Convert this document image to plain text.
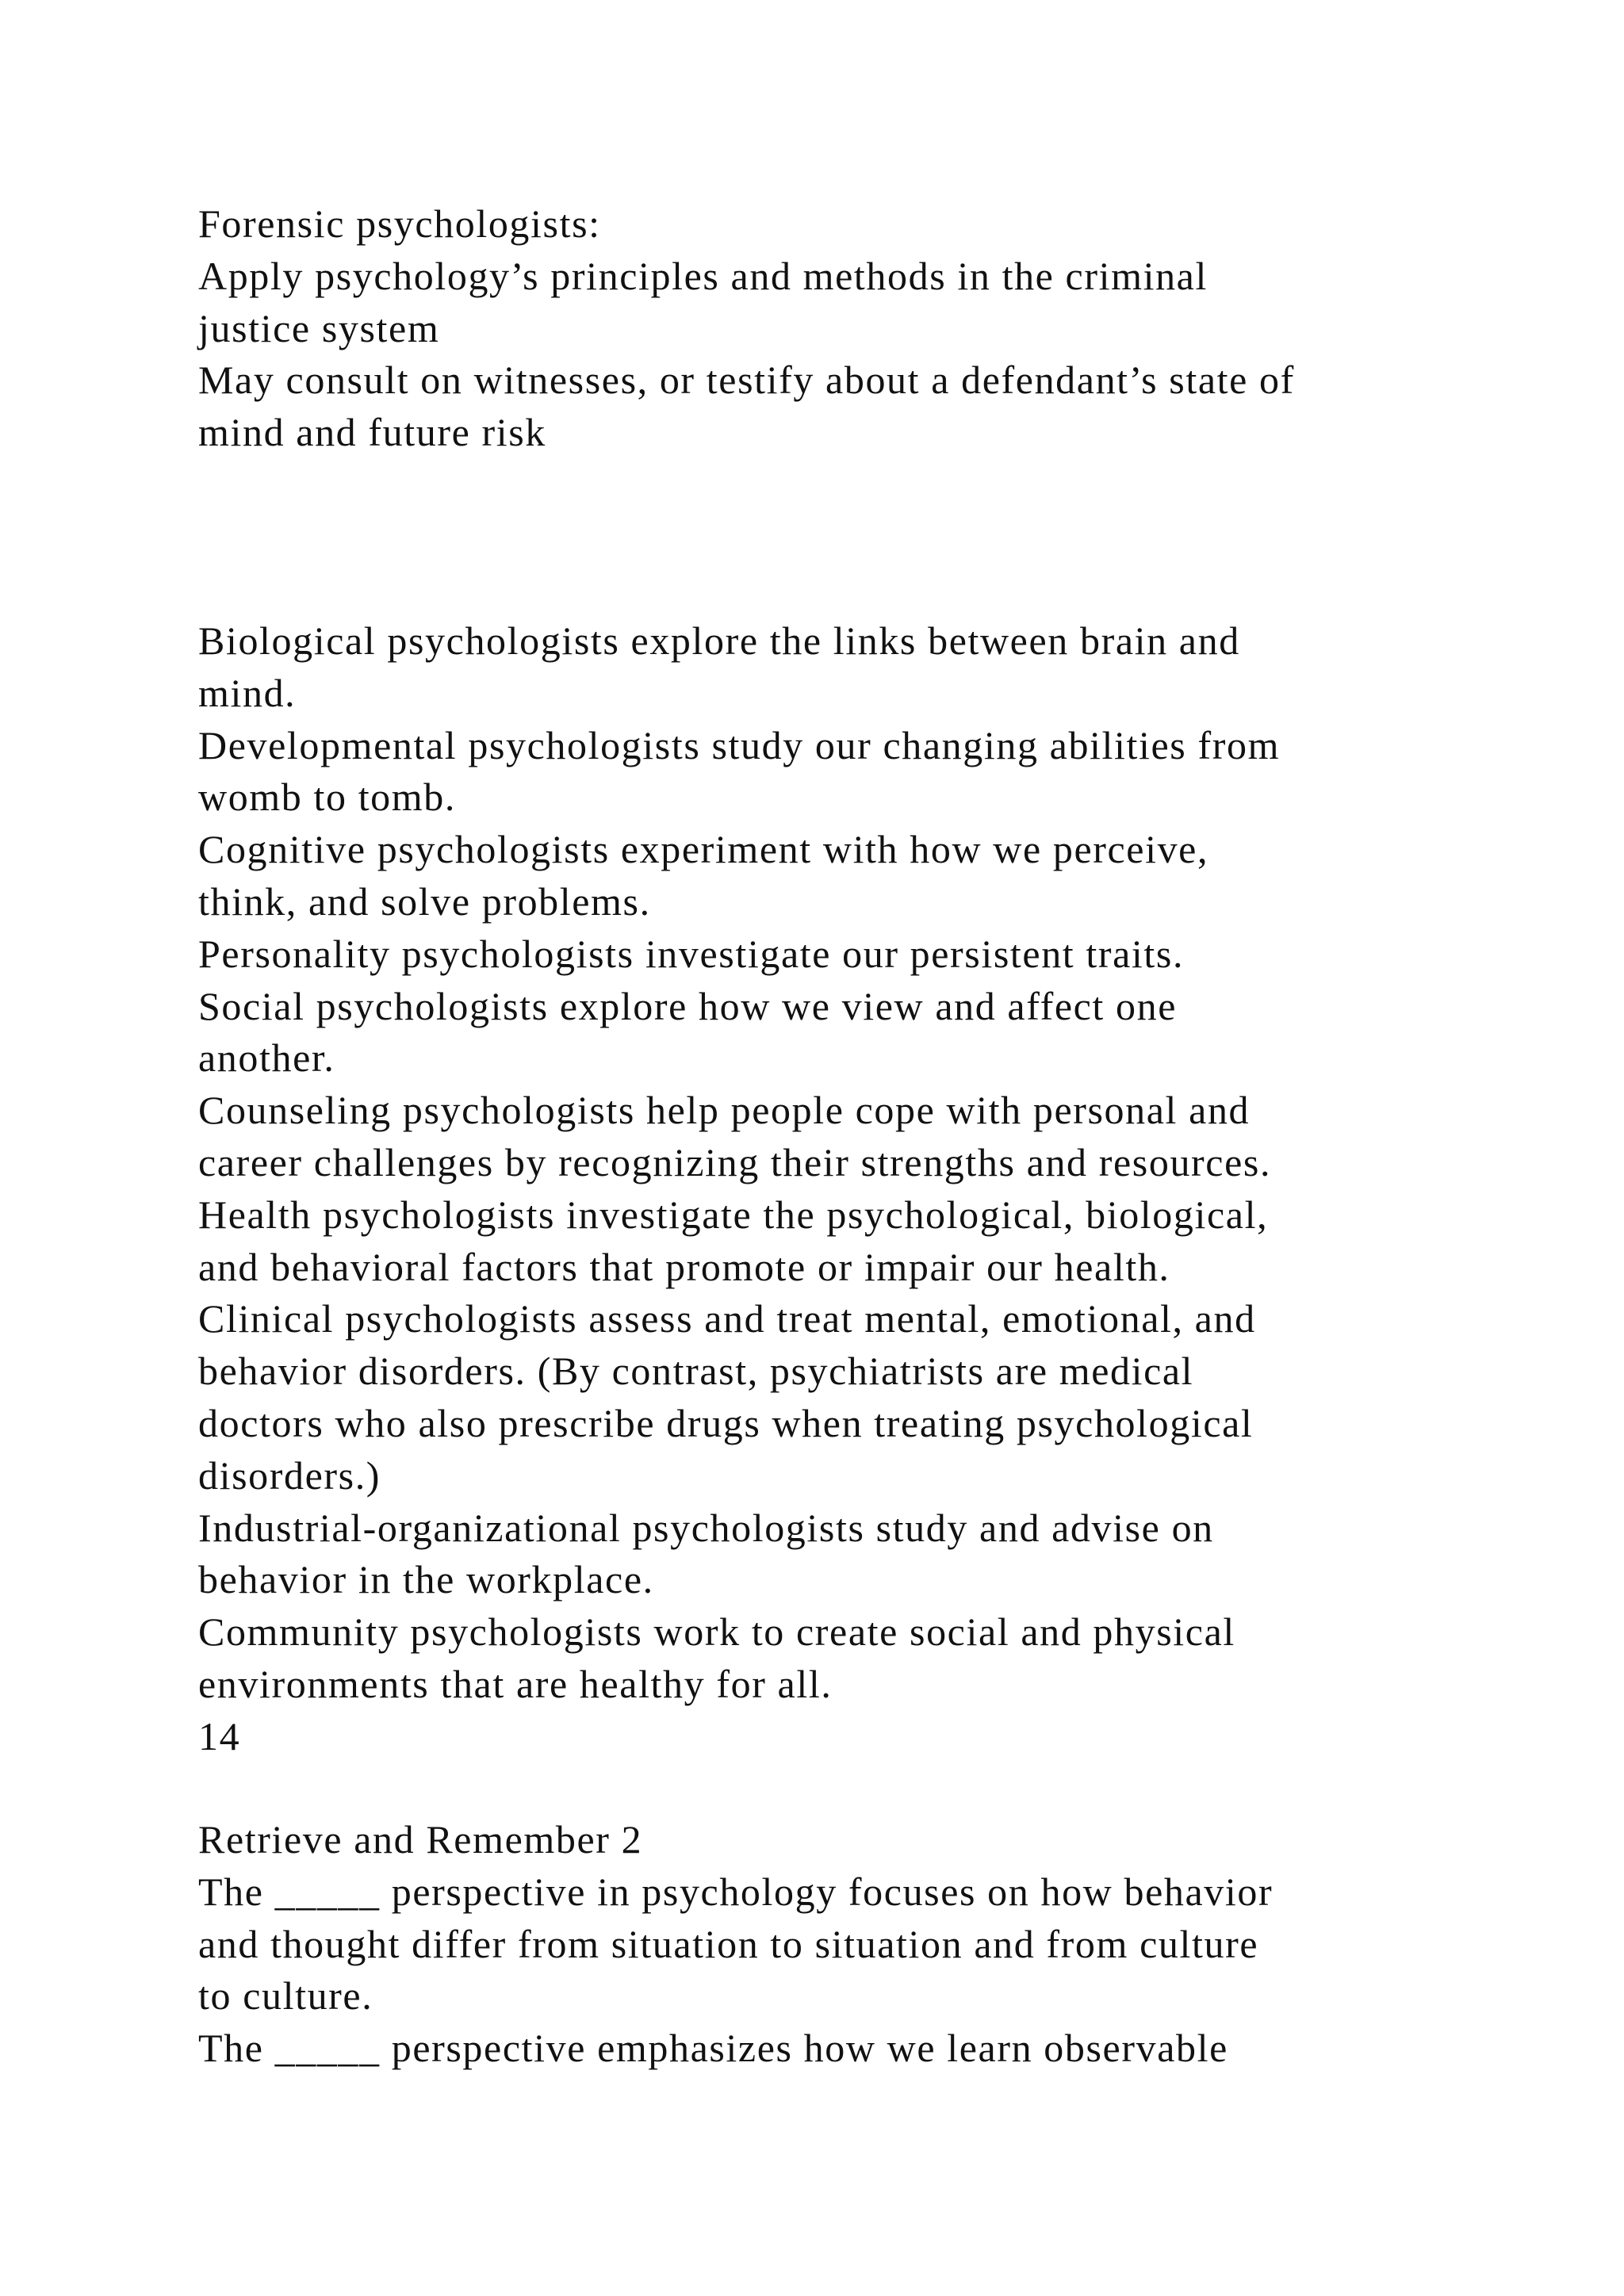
Forensic psychologists:
Apply psychology’s principles and methods in the criminal
justice system
May consult on witnesses, or testify about a defendant’s state of
mind and future risk
Biological psychologists explore the links between brain and
mind.
Developmental psychologists study our changing abilities from
womb to tomb.
Cognitive psychologists experiment with how we perceive,
think, and solve problems.
Personality psychologists investigate our persistent traits.
Social psychologists explore how we view and affect one
another.
Counseling psychologists help people cope with personal and
career challenges by recognizing their strengths and resources.
Health psychologists investigate the psychological, biological,
and behavioral factors that promote or impair our health.
Clinical psychologists assess and treat mental, emotional, and
behavior disorders. (By contrast, psychiatrists are medical
doctors who also prescribe drugs when treating psychological
disorders.)
Industrial-organizational psychologists study and advise on
behavior in the workplace.
Community psychologists work to create social and physical
environments that are healthy for all.
14
Retrieve and Remember 2
The _____ perspective in psychology focuses on how behavior
and thought differ from situation to situation and from culture
to culture.
The _____ perspective emphasizes how we learn observable
